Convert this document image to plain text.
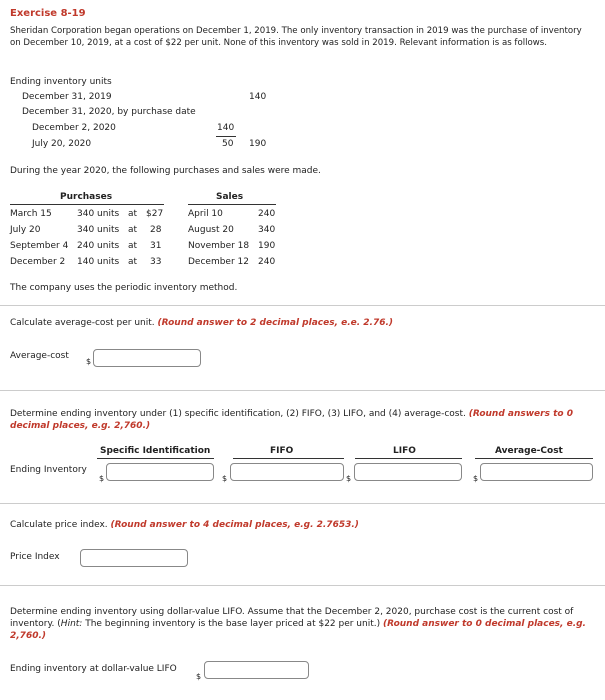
Exercise 8-19
Sheridan Corporation began operations on December 1, 2019. The only inventory transaction in 2019 was the purchase of inventory on December 10, 2019, at a cost of $22 per unit. None of this inventory was sold in 2019. Relevant information is as follows.
Ending inventory units
December 31, 2019	140
December 31, 2020, by purchase date
December 2, 2020	140
July 20, 2020	50 190
During the year 2020, the following purchases and sales were made.
Purchases	Sales
March 15	340 units at $27	April 10	240
July 20	340 units at 28	August 20	340
September 4 240 units at 31	November 18 190
December 2 140 units at 33	December 12 240
The company uses the periodic inventory method.
Calculate average-cost per unit. (Round answer to 2 decimal places, e.e. 2.76.)
Average-cost
$
Determine ending inventory under (1) specific identification, (2) FIFO, (3) LIFO, and (4) average-cost. (Round answers to 0 decimal places, e.g. 2,760.)
Specific Identification	FIFO	LIFO	Average-Cost
Ending Inventory
$	$	$	$
Calculate price index. (Round answer to 4 decimal places, e.g. 2.7653.)
Price Index
Determine ending inventory using dollar-value LIFO. Assume that the December 2, 2020, purchase cost is the current cost of inventory. (Hint: The beginning inventory is the base layer priced at $22 per unit.) (Round answer to 0 decimal places, e.g. 2,760.)
Ending inventory at dollar-value LIFO
$
